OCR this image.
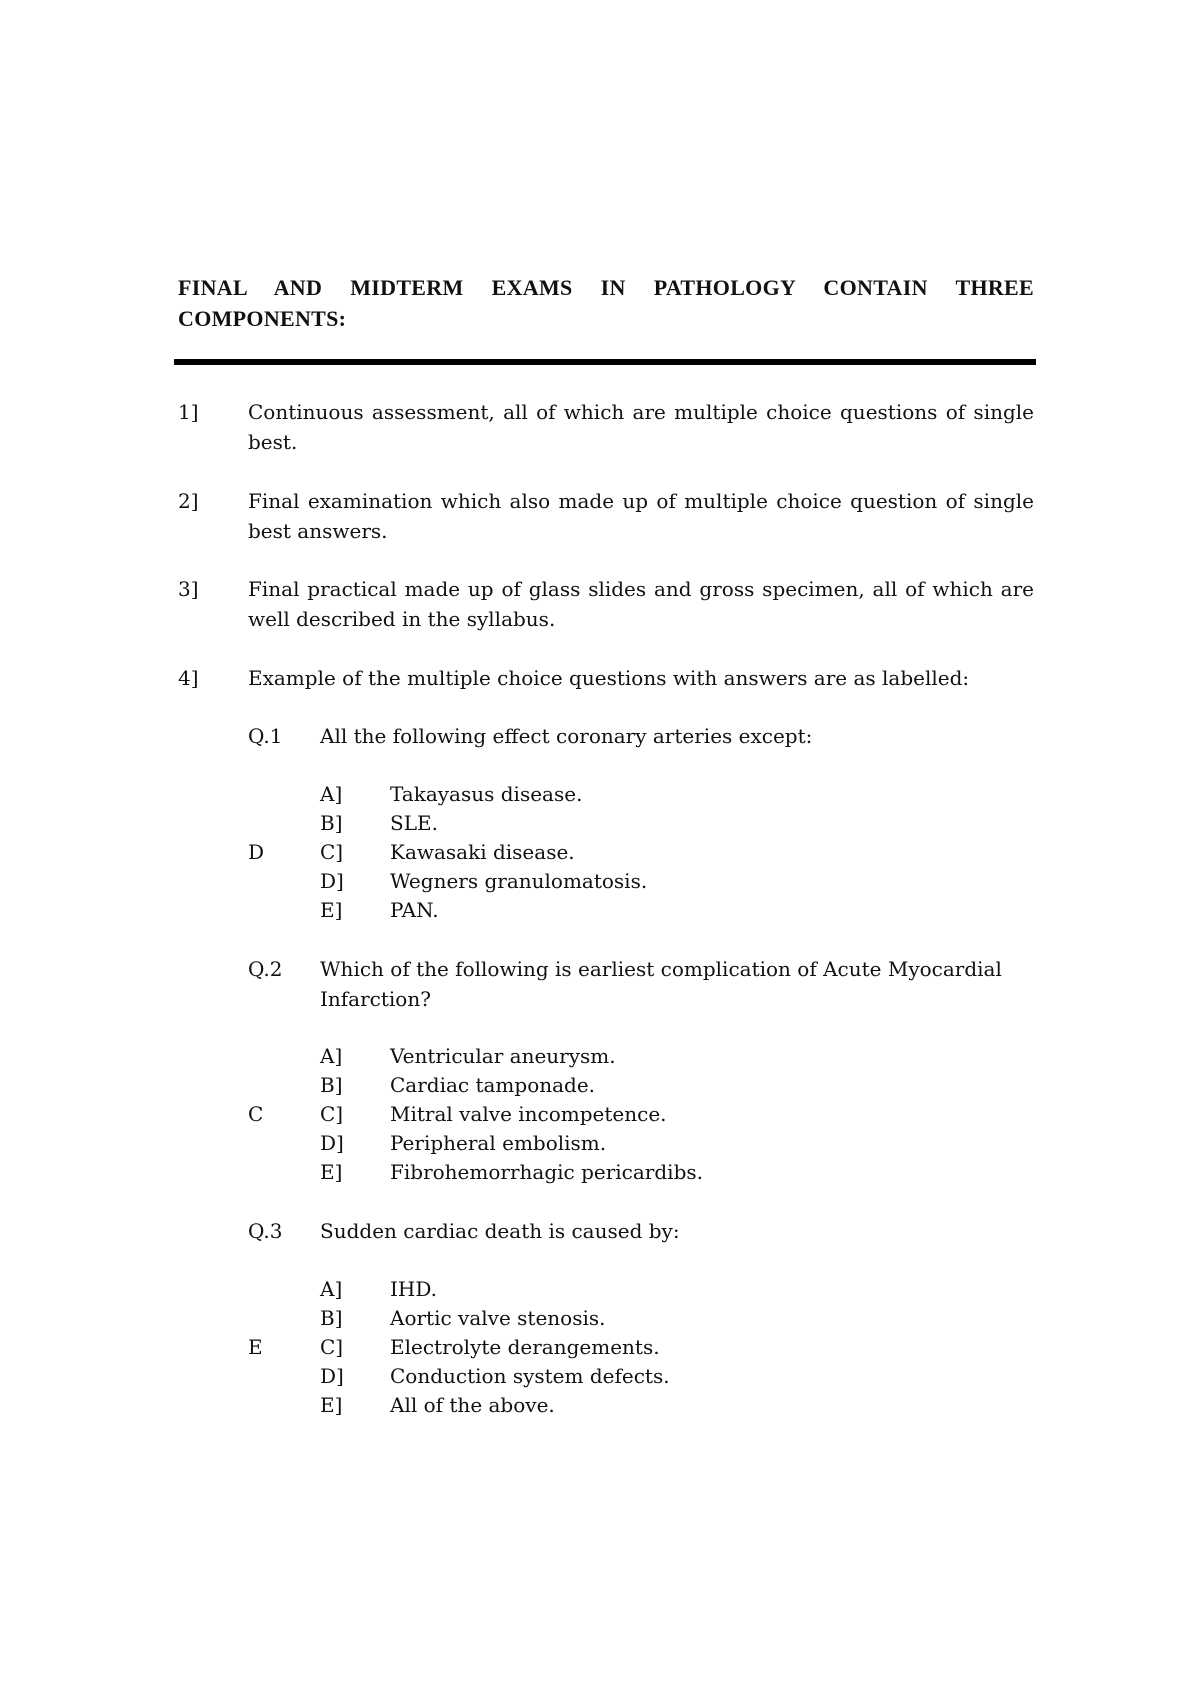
FINAL AND MIDTERM EXAMS IN PATHOLOGY CONTAIN THREE
COMPONENTS:
1] Continuous assessment, all of which are multiple choice questions of single best.
2] Final examination which also made up of multiple choice question of single best answers.
3] Final practical made up of glass slides and gross specimen, all of which are well described in the syllabus.
4] Example of the multiple choice questions with answers are as labelled:
Q.1 All the following effect coronary arteries except:
A] Takayasus disease.
B] SLE.
D	C] Kawasaki disease.
D] Wegners granulomatosis.
E] PAN.
Q.2 Which of the following is earliest complication of Acute Myocardial Infarction?
A] Ventricular aneurysm.
B] Cardiac tamponade.
C	C] Mitral valve incompetence.
D] Peripheral embolism.
E] Fibrohemorrhagic pericardibs.
Q.3 Sudden cardiac death is caused by:
A] IHD.
B] Aortic valve stenosis.
E	C] Electrolyte derangements.
D] Conduction system defects.
E] All of the above.
